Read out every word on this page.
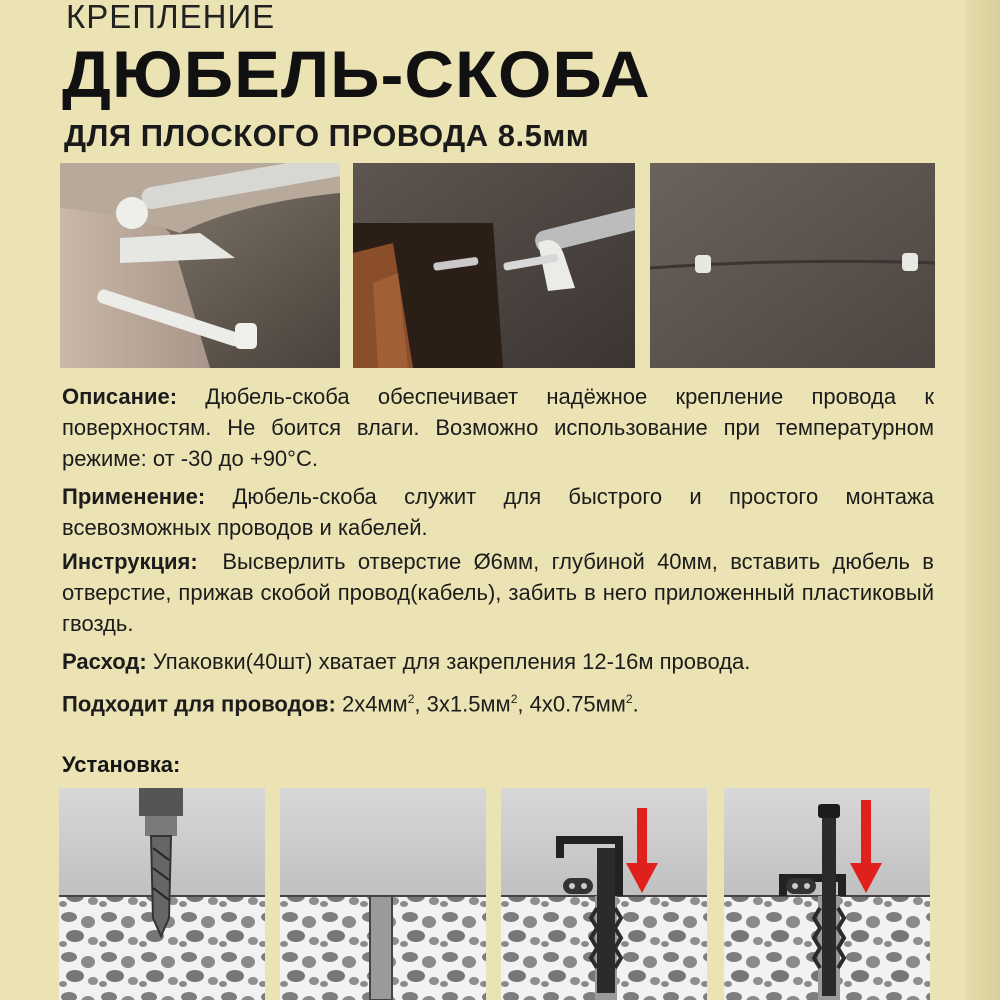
КРЕПЛЕНИЕ
ДЮБЕЛЬ-СКОБА
ДЛЯ ПЛОСКОГО ПРОВОДА 8.5мм
Описание: Дюбель-скоба обеспечивает надёжное крепление провода к поверхностям. Не боится влаги. Возможно использование при температурном режиме: от -30 до +90°С.
Применение: Дюбель-скоба служит для быстрого и простого монтажа всевозможных проводов и кабелей.
Инструкция:  Высверлить отверстие Ø6мм, глубиной 40мм, вставить дюбель в отверстие, прижав скобой провод(кабель), забить в него приложенный пластиковый гвоздь.
Расход: Упаковки(40шт) хватает для закрепления 12-16м провода.
Подходит для проводов: $2x4мм^2$, $3x1.5мм^2$, $4x0.75мм^2$.
Установка:
